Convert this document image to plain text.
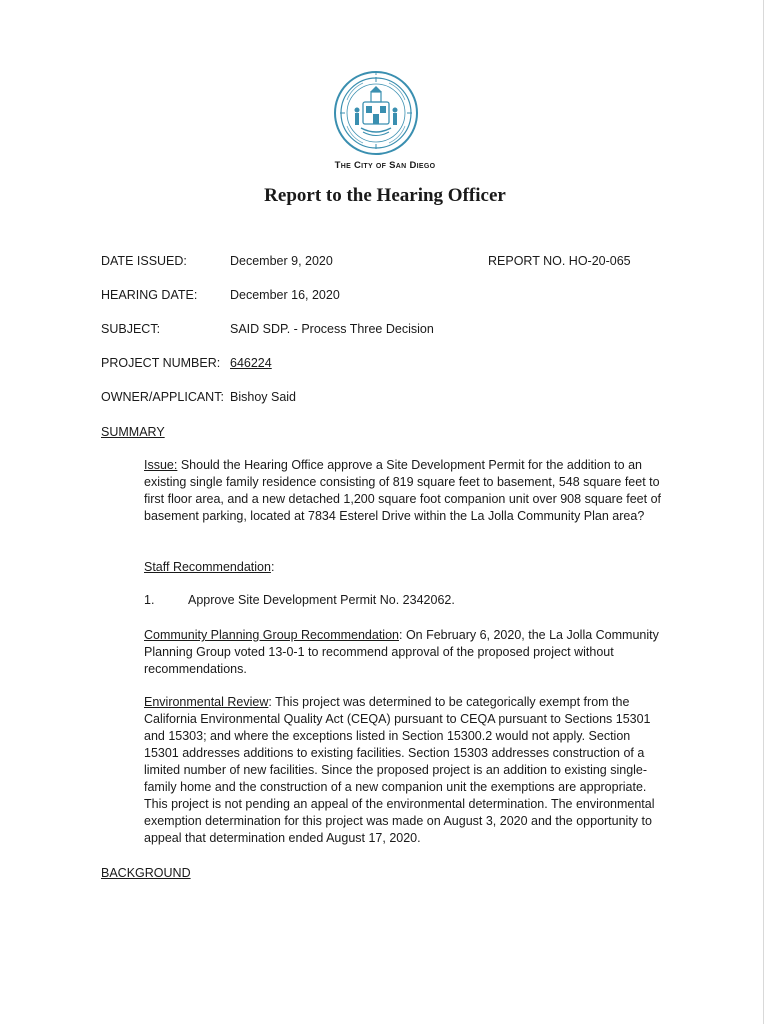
The City of San Diego
Report to the Hearing Officer
DATE ISSUED:	December 9, 2020	REPORT NO. HO-20-065
HEARING DATE:	December 16, 2020
SUBJECT:	SAID SDP. - Process Three Decision
PROJECT NUMBER: 646224
OWNER/APPLICANT: Bishoy Said
SUMMARY
Issue: Should the Hearing Office approve a Site Development Permit for the addition to an existing single family residence consisting of 819 square feet to basement, 548 square feet to first floor area, and a new detached 1,200 square foot companion unit over 908 square feet of basement parking, located at 7834 Esterel Drive within the La Jolla Community Plan area?
Staff Recommendation:
1.	Approve Site Development Permit No. 2342062.
Community Planning Group Recommendation: On February 6, 2020, the La Jolla Community Planning Group voted 13-0-1 to recommend approval of the proposed project without recommendations.
Environmental Review: This project was determined to be categorically exempt from the California Environmental Quality Act (CEQA) pursuant to CEQA pursuant to Sections 15301 and 15303; and where the exceptions listed in Section 15300.2 would not apply. Section 15301 addresses additions to existing facilities. Section 15303 addresses construction of a limited number of new facilities. Since the proposed project is an addition to existing single-family home and the construction of a new companion unit the exemptions are appropriate. This project is not pending an appeal of the environmental determination. The environmental exemption determination for this project was made on August 3, 2020 and the opportunity to appeal that determination ended August 17, 2020.
BACKGROUND
